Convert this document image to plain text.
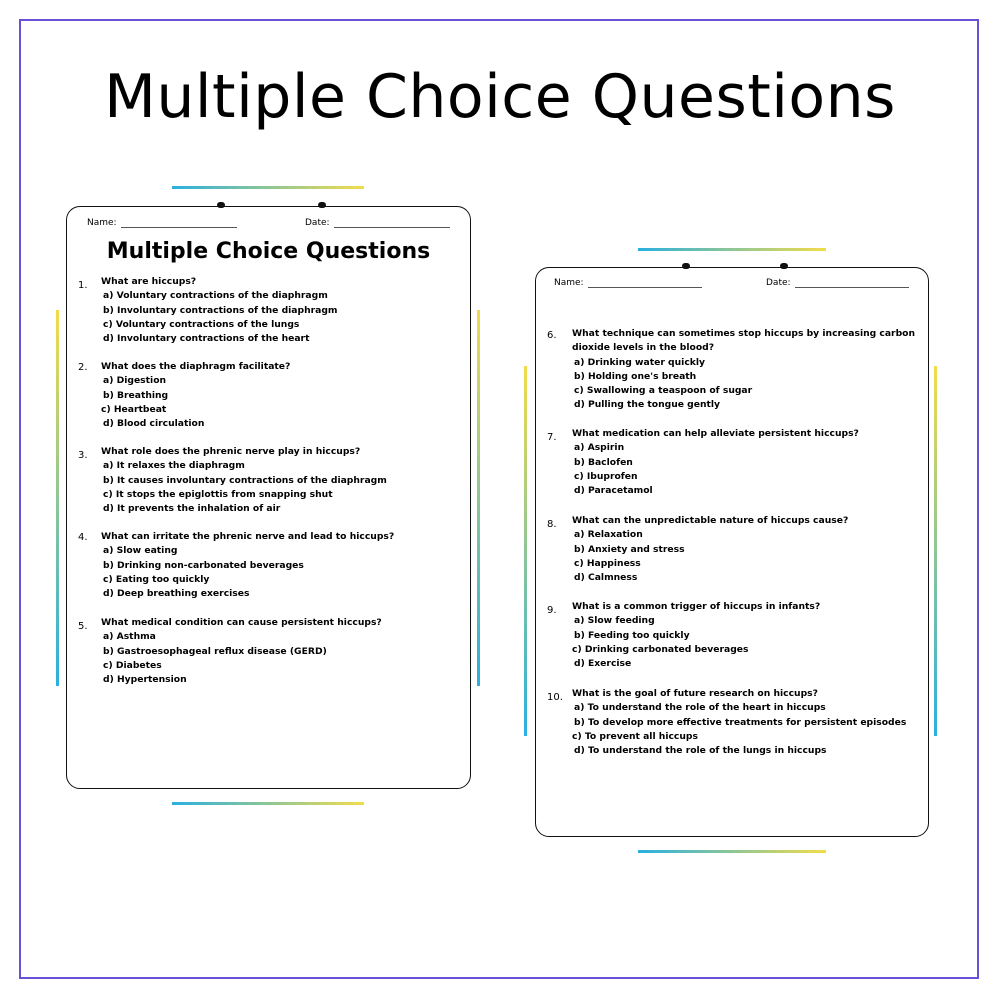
Multiple Choice Questions
Name:	Date:
Multiple Choice Questions
1. What are hiccups?
a) Voluntary contractions of the diaphragm
b) Involuntary contractions of the diaphragm
c) Voluntary contractions of the lungs
d) Involuntary contractions of the heart
2. What does the diaphragm facilitate?
a) Digestion
b) Breathing
c) Heartbeat
d) Blood circulation
3. What role does the phrenic nerve play in hiccups?
a) It relaxes the diaphragm
b) It causes involuntary contractions of the diaphragm
c) It stops the epiglottis from snapping shut
d) It prevents the inhalation of air
4. What can irritate the phrenic nerve and lead to hiccups?
a) Slow eating
b) Drinking non-carbonated beverages
c) Eating too quickly
d) Deep breathing exercises
5. What medical condition can cause persistent hiccups?
a) Asthma
b) Gastroesophageal reflux disease (GERD)
c) Diabetes
d) Hypertension
Name:	Date:
6. What technique can sometimes stop hiccups by increasing carbon
dioxide levels in the blood?
a) Drinking water quickly
b) Holding one's breath
c) Swallowing a teaspoon of sugar
d) Pulling the tongue gently
7. What medication can help alleviate persistent hiccups?
a) Aspirin
b) Baclofen
c) Ibuprofen
d) Paracetamol
8. What can the unpredictable nature of hiccups cause?
a) Relaxation
b) Anxiety and stress
c) Happiness
d) Calmness
9. What is a common trigger of hiccups in infants?
a) Slow feeding
b) Feeding too quickly
c) Drinking carbonated beverages
d) Exercise
10. What is the goal of future research on hiccups?
a) To understand the role of the heart in hiccups
b) To develop more effective treatments for persistent episodes
c) To prevent all hiccups
d) To understand the role of the lungs in hiccups
